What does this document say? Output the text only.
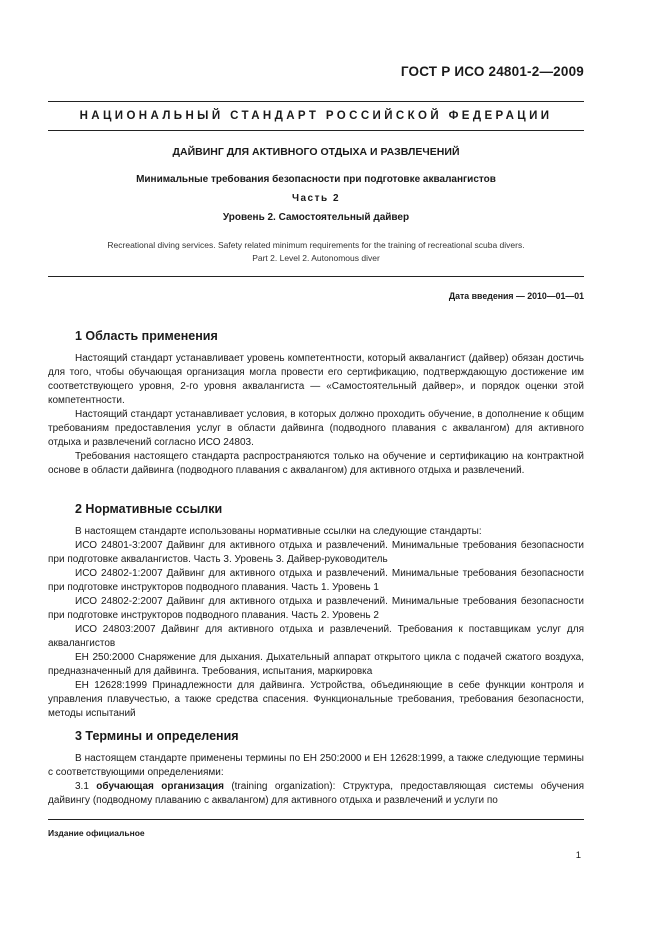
ГОСТ Р ИСО 24801-2—2009
НАЦИОНАЛЬНЫЙ СТАНДАРТ РОССИЙСКОЙ ФЕДЕРАЦИИ
ДАЙВИНГ ДЛЯ АКТИВНОГО ОТДЫХА И РАЗВЛЕЧЕНИЙ
Минимальные требования безопасности при подготовке аквалангистов
Часть 2
Уровень 2. Самостоятельный дайвер
Recreational diving services. Safety related minimum requirements for the training of recreational scuba divers.
Part 2. Level 2. Autonomous diver
Дата введения — 2010—01—01
1 Область применения

Настоящий стандарт устанавливает уровень компетентности, который аквалангист (дайвер) обязан достичь для того, чтобы обучающая организация могла провести его сертификацию, подтверждающую достижение им соответствующего уровня, 2-го уровня аквалангиста — «Самостоятельный дайвер», и порядок оценки этой компетентности.

Настоящий стандарт устанавливает условия, в которых должно проходить обучение, в дополнение к общим требованиям предоставления услуг в области дайвинга (подводного плавания с аквалангом) для активного отдыха и развлечений согласно ИСО 24803.

Требования настоящего стандарта распространяются только на обучение и сертификацию на контрактной основе в области дайвинга (подводного плавания с аквалангом) для активного отдыха и развлечений.

2 Нормативные ссылки

В настоящем стандарте использованы нормативные ссылки на следующие стандарты:

ИСО 24801-3:2007 Дайвинг для активного отдыха и развлечений. Минимальные требования безопасности при подготовке аквалангистов. Часть 3. Уровень 3. Дайвер-руководитель

ИСО 24802-1:2007 Дайвинг для активного отдыха и развлечений. Минимальные требования безопасности при подготовке инструкторов подводного плавания. Часть 1. Уровень 1

ИСО 24802-2:2007 Дайвинг для активного отдыха и развлечений. Минимальные требования безопасности при подготовке инструкторов подводного плавания. Часть 2. Уровень 2

ИСО 24803:2007 Дайвинг для активного отдыха и развлечений. Требования к поставщикам услуг для аквалангистов

ЕН 250:2000 Снаряжение для дыхания. Дыхательный аппарат открытого цикла с подачей сжатого воздуха, предназначенный для дайвинга. Требования, испытания, маркировка

ЕН 12628:1999 Принадлежности для дайвинга. Устройства, объединяющие в себе функции контроля и управления плавучестью, а также средства спасения. Функциональные требования, требования безопасности, методы испытаний

3 Термины и определения

В настоящем стандарте применены термины по ЕН 250:2000 и ЕН 12628:1999, а также следующие термины с соответствующими определениями:

3.1 обучающая организация (training organization): Структура, предоставляющая системы обучения дайвингу (подводному плаванию с аквалангом) для активного отдыха и развлечений и услуги по

Издание официальное
1
